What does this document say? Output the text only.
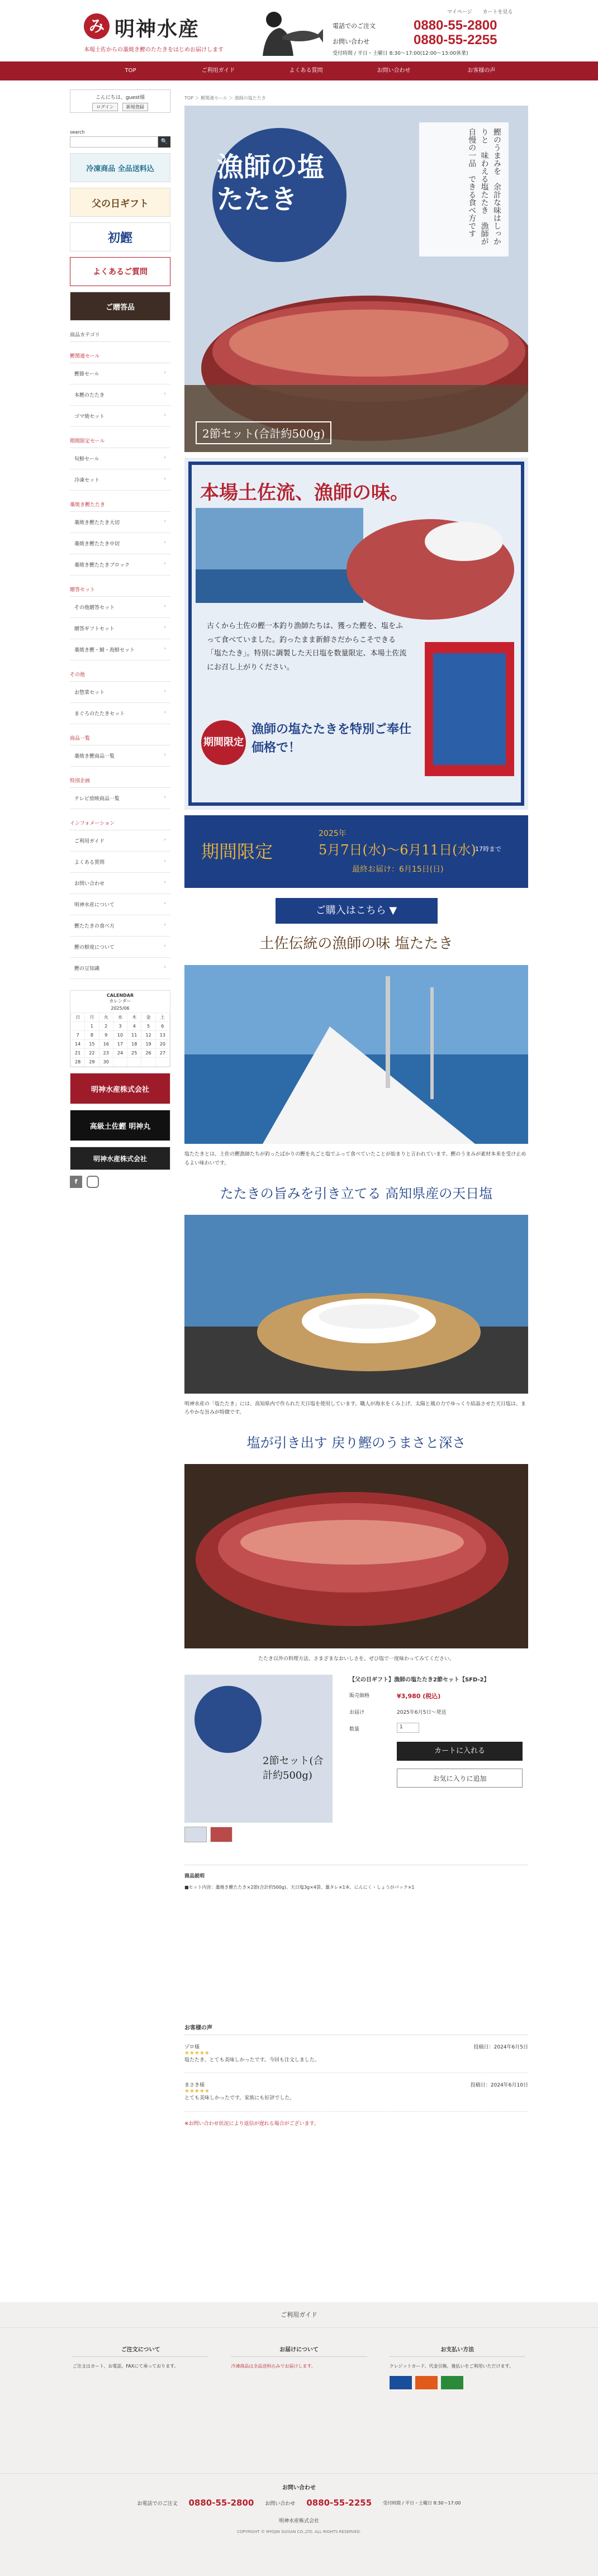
み 明神水産
本場土佐からの藁焼き鰹のたたきをはじめお届けします
マイページ カートを見る
電話でのご注文	0880-55-2800
お問い合わせ	0880-55-2255
受付時間 / 平日・土曜日 8:30〜17:00(12:00〜13:00休業)
TOP	ご利用ガイド	よくある質問	お問い合わせ	お客様の声
こんにちは、guest様
ログイン	新規登録
search
🔍
冷凍商品 全品送料込
父の日ギフト
初鰹
よくあるご質問
ご贈答品
商品カテゴリ
鰹関連セール
鰹節セール ›
本鰹のたたき ›
ゴマ焼セット ›
期間限定セール
旬鮮セール ›
冷凍セット ›
藁焼き鰹たたき
藁焼き鰹たたき大切 ›
藁焼き鰹たたき中切 ›
藁焼き鰹たたきブロック ›
贈答セット
その他贈答セット ›
贈答ギフトセット ›
藁焼き鰹・鯖・海鮮セット ›
その他
お惣菜セット ›
まぐろのたたきセット ›
商品一覧
藁焼き鰹商品一覧 ›
特別企画
テレビ放映商品一覧 ›
インフォメーション
ご利用ガイド ›
よくある質問 ›
お問い合わせ ›
明神水産について ›
鰹たたきの食べ方 ›
鰹の鮮度について ›
鰹の豆知識 ›
CALENDAR
カレンダー
2025/06
日	月	火	水	木	金	土
	1	2	3	4	5	6
7	8	9	10	11	12	13
14	15	16	17	18	19	20
21	22	23	24	25	26	27
28	29	30				
明神水産株式会社
高級土佐鰹 明神丸
明神水産株式会社
f
TOP ＞ 鰹関連セール ＞ 漁師の塩たたき
漁師の塩たたき	鰹のうまみを　余計な味はしっかりと　味わえる塩たたき　漁師が自慢の一品　できる食べ方です
2節セット(合計約500g)
本場土佐流、漁師の味。
古くから土佐の鰹一本釣り漁師たちは、獲った鰹を、塩をふって食べていました。釣ったまま新鮮さだからこそできる「塩たたき」。特別に調製した天日塩を数量限定、本場土佐流にお召し上がりください。
期間限定
漁師の塩たたきを特別ご奉仕価格で！
期間限定
2025年
5月7日(水)〜6月11日(水)
17時まで
最終お届け：6月15日(日)
ご購入はこちら ▼
土佐伝統の漁師の味 塩たたき
塩たたきとは、土佐の鰹漁師たちが釣ったばかりの鰹を丸ごと塩でふって食べていたことが始まりと言われています。鰹のうまみが素材本来を受け止めるよい味わいです。
たたきの旨みを引き立てる 高知県産の天日塩
明神水産の「塩たたき」には、高知県内で作られた天日塩を使用しています。職人が海水をくみ上げ、太陽と風の力でゆっくり結晶させた天日塩は、まろやかな旨みが特徴です。
塩が引き出す 戻り鰹のうまさと深さ
たたき以外の料理方法、さまざまなおいしさを。ぜひ塩で一度味わってみてください。
2節セット(合計約500g)
【父の日ギフト】漁師の塩たたき2節セット【SFD-2】
販売価格	¥3,980 (税込)
お届け	2025年6月5日〜発送
数量	1
カートに入れる
お気に入りに追加
商品説明
■セット内容：藁焼き鰹たたき×2節(合計約500g)、天日塩3g×4袋、藁タレ×1本、にんにく・しょうがパック×1
お客様の声
ゾロ様	投稿日：2024年6月5日
★★★★★
塩たたき、とても美味しかったです。今回も注文しました。
まさき様	投稿日：2024年6月10日
★★★★★
とても美味しかったです。家族にも好評でした。
※お問い合わせ状況により返信が遅れる場合がございます。
ご利用ガイド
ご注文について
ご注文はカート、お電話、FAXにて承っております。
お届けについて
冷凍商品は全品送料込みでお届けします。
お支払い方法
クレジットカード、代金引換、後払いをご利用いただけます。
お問い合わせ
お電話でのご注文 0880-55-2800 お問い合わせ 0880-55-2255	受付時間 / 平日・土曜日 8:30〜17:00
明神水産株式会社
COPYRIGHT © MYOJIN SUISAN CO.,LTD. ALL RIGHTS RESERVED.
